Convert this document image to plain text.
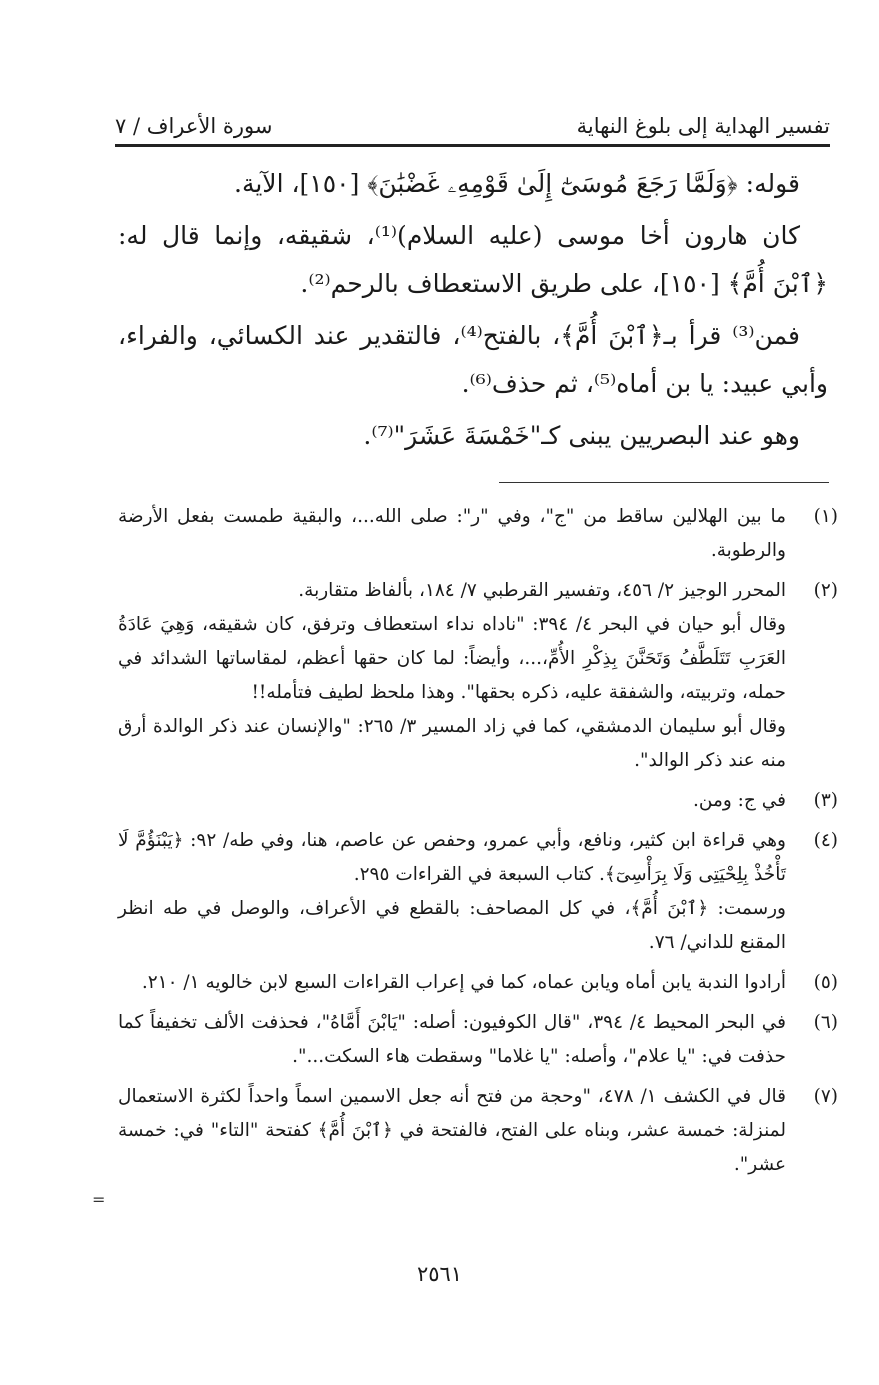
تفسير الهداية إلى بلوغ النهاية
سورة الأعراف / ٧

قوله: ﴿وَلَمَّا رَجَعَ مُوسَىٰٓ إِلَىٰ قَوْمِهِۦ غَضْبَٰنَ﴾ [١٥٠]، الآية.

كان هارون أخا موسى (عليه السلام)⁽¹⁾، شقيقه، وإنما قال له: ﴿ٱبْنَ أُمَّ﴾ [١٥٠]، على طريق الاستعطاف بالرحم⁽²⁾.

فمن⁽³⁾ قرأ بـ﴿ٱبْنَ أُمَّ﴾، بالفتح⁽⁴⁾، فالتقدير عند الكسائي، والفراء، وأبي عبيد: يا بن أماه⁽⁵⁾، ثم حذف⁽⁶⁾.

وهو عند البصريين يبنى كـ"خَمْسَةَ عَشَرَ"⁽⁷⁾.

(١)

ما بين الهلالين ساقط من "ج"، وفي "ر": صلى الله...، والبقية طمست بفعل الأرضة والرطوبة.

(٢)

المحرر الوجيز ٢/ ٤٥٦، وتفسير القرطبي ٧/ ١٨٤، بألفاظ متقاربة.

وقال أبو حيان في البحر ٤/ ٣٩٤: "ناداه نداء استعطاف وترفق، كان شقيقه، وَهِيَ عَادَةُ العَرَبِ تَتَلَطَّفُ وَتَحَنَّنَ بِذِكْرِ الأُمِّ،...، وأيضاً: لما كان حقها أعظم، لمقاساتها الشدائد في حمله، وتربيته، والشفقة عليه، ذكره بحقها". وهذا ملحظ لطيف فتأمله!!

وقال أبو سليمان الدمشقي، كما في زاد المسير ٣/ ٢٦٥: "والإنسان عند ذكر الوالدة أرق منه عند ذكر الوالد".

(٣)

في ج: ومن.

(٤)

وهي قراءة ابن كثير، ونافع، وأبي عمرو، وحفص عن عاصم، هنا، وفي طه/ ٩٢: ﴿يَبْنَؤُمَّ لَا تَأْخُذْ بِلِحْيَتِى وَلَا بِرَأْسِىٓ﴾. كتاب السبعة في القراءات ٢٩٥.

ورسمت: ﴿ٱبْنَ أُمَّ﴾، في كل المصاحف: بالقطع في الأعراف، والوصل في طه انظر المقنع للداني/ ٧٦.

(٥)

أرادوا الندبة يابن أماه ويابن عماه، كما في إعراب القراءات السبع لابن خالويه ١/ ٢١٠.

(٦)

في البحر المحيط ٤/ ٣٩٤، "قال الكوفيون: أصله: "يَابْنَ أَمَّاهُ"، فحذفت الألف تخفيفاً كما حذفت في: "يا علام"، وأصله: "يا غلاما" وسقطت هاء السكت...".

(٧)

قال في الكشف ١/ ٤٧٨، "وحجة من فتح أنه جعل الاسمين اسماً واحداً لكثرة الاستعمال لمنزلة: خمسة عشر، وبناه على الفتح، فالفتحة في ﴿ٱبْنَ أُمَّ﴾ كفتحة "التاء" في: خمسة عشر".

=
٢٥٦١
